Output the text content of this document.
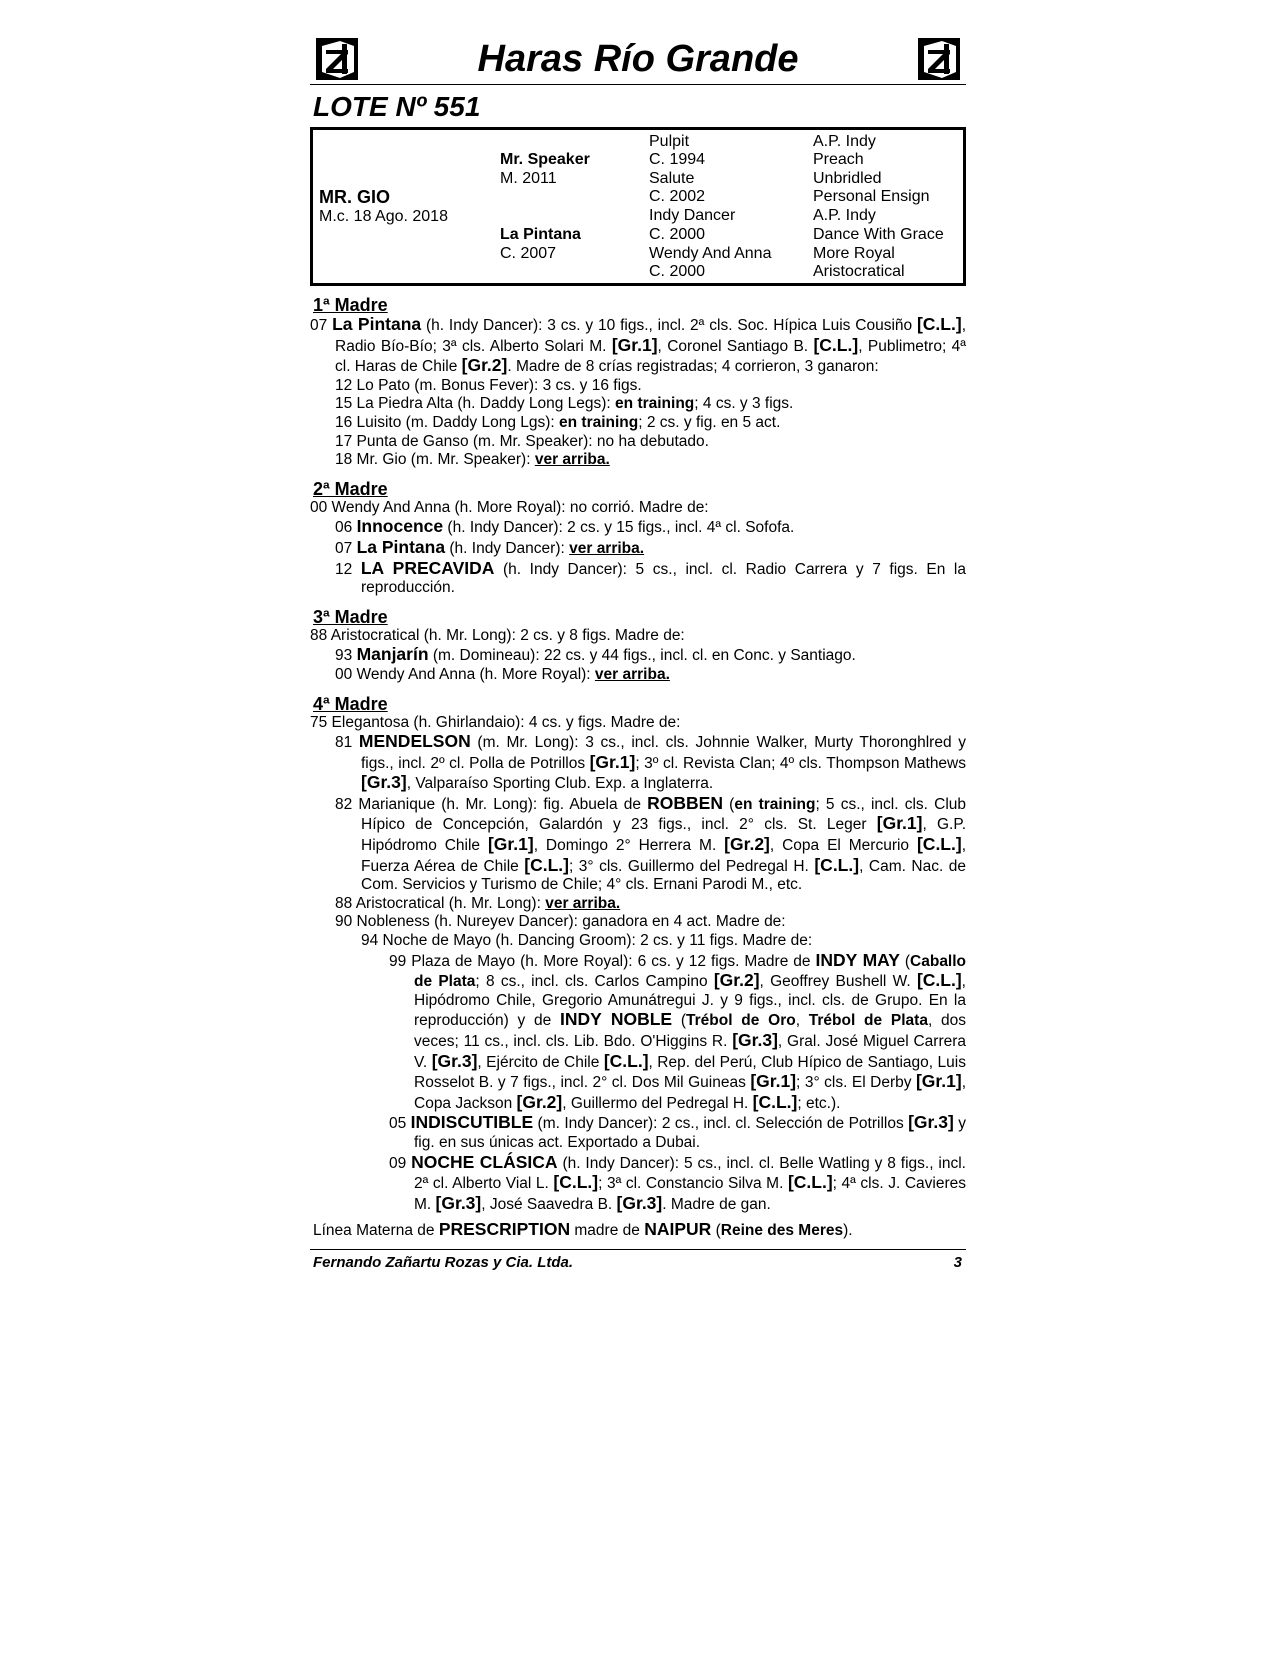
Haras Río Grande
LOTE Nº 551
MR. GIO
M.c. 18 Ago. 2018
Mr. Speaker
M. 2011
La Pintana
C. 2007
Pulpit
C. 1994
Salute
C. 2002
Indy Dancer
C. 2000
Wendy And Anna
C. 2000
A.P. Indy
Preach
Unbridled
Personal Ensign
A.P. Indy
Dance With Grace
More Royal
Aristocratical
1ª Madre
07 La Pintana (h. Indy Dancer): 3 cs. y 10 figs., incl. 2ª cls. Soc. Hípica Luis Cousiño [C.L.], Radio Bío-Bío; 3ª cls. Alberto Solari M. [Gr.1], Coronel Santiago B. [C.L.], Publimetro; 4ª cl. Haras de Chile [Gr.2]. Madre de 8 crías registradas; 4 corrieron, 3 ganaron:
12 Lo Pato (m. Bonus Fever): 3 cs. y 16 figs.
15 La Piedra Alta (h. Daddy Long Legs): en training; 4 cs. y 3 figs.
16 Luisito (m. Daddy Long Lgs): en training; 2 cs. y fig. en 5 act.
17 Punta de Ganso (m. Mr. Speaker): no ha debutado.
18 Mr. Gio (m. Mr. Speaker): ver arriba.
2ª Madre
00 Wendy And Anna (h. More Royal): no corrió. Madre de:
06 Innocence (h. Indy Dancer): 2 cs. y 15 figs., incl. 4ª cl. Sofofa.
07 La Pintana (h. Indy Dancer): ver arriba.
12 LA PRECAVIDA (h. Indy Dancer): 5 cs., incl. cl. Radio Carrera y 7 figs. En la reproducción.
3ª Madre
88 Aristocratical (h. Mr. Long): 2 cs. y 8 figs. Madre de:
93 Manjarín (m. Domineau): 22 cs. y 44 figs., incl. cl. en Conc. y Santiago.
00 Wendy And Anna (h. More Royal): ver arriba.
4ª Madre
75 Elegantosa (h. Ghirlandaio): 4 cs. y figs. Madre de:
81 MENDELSON (m. Mr. Long): 3 cs., incl. cls. Johnnie Walker, Murty Thoronghlred y figs., incl. 2º cl. Polla de Potrillos [Gr.1]; 3º cl. Revista Clan; 4º cls. Thompson Mathews [Gr.3], Valparaíso Sporting Club. Exp. a Inglaterra.
82 Marianique (h. Mr. Long): fig. Abuela de ROBBEN (en training; 5 cs., incl. cls. Club Hípico de Concepción, Galardón y 23 figs., incl. 2° cls. St. Leger [Gr.1], G.P. Hipódromo Chile [Gr.1], Domingo 2° Herrera M. [Gr.2], Copa El Mercurio [C.L.], Fuerza Aérea de Chile [C.L.]; 3° cls. Guillermo del Pedregal H. [C.L.], Cam. Nac. de Com. Servicios y Turismo de Chile; 4° cls. Ernani Parodi M., etc.
88 Aristocratical (h. Mr. Long): ver arriba.
90 Nobleness (h. Nureyev Dancer): ganadora en 4 act. Madre de:
94 Noche de Mayo (h. Dancing Groom): 2 cs. y 11 figs. Madre de:
99 Plaza de Mayo (h. More Royal): 6 cs. y 12 figs. Madre de INDY MAY (Caballo de Plata; 8 cs., incl. cls. Carlos Campino [Gr.2], Geoffrey Bushell W. [C.L.], Hipódromo Chile, Gregorio Amunátregui J. y 9 figs., incl. cls. de Grupo. En la reproducción) y de INDY NOBLE (Trébol de Oro, Trébol de Plata, dos veces; 11 cs., incl. cls. Lib. Bdo. O'Higgins R. [Gr.3], Gral. José Miguel Carrera V. [Gr.3], Ejército de Chile [C.L.], Rep. del Perú, Club Hípico de Santiago, Luis Rosselot B. y 7 figs., incl. 2° cl. Dos Mil Guineas [Gr.1]; 3° cls. El Derby [Gr.1], Copa Jackson [Gr.2], Guillermo del Pedregal H. [C.L.]; etc.).
05 INDISCUTIBLE (m. Indy Dancer): 2 cs., incl. cl. Selección de Potrillos [Gr.3] y fig. en sus únicas act. Exportado a Dubai.
09 NOCHE CLÁSICA (h. Indy Dancer): 5 cs., incl. cl. Belle Watling y 8 figs., incl. 2ª cl. Alberto Vial L. [C.L.]; 3ª cl. Constancio Silva M. [C.L.]; 4ª cls. J. Cavieres M. [Gr.3], José Saavedra B. [Gr.3]. Madre de gan.
Línea Materna de PRESCRIPTION madre de NAIPUR (Reine des Meres).
Fernando Zañartu Rozas y Cia. Ltda.	3
